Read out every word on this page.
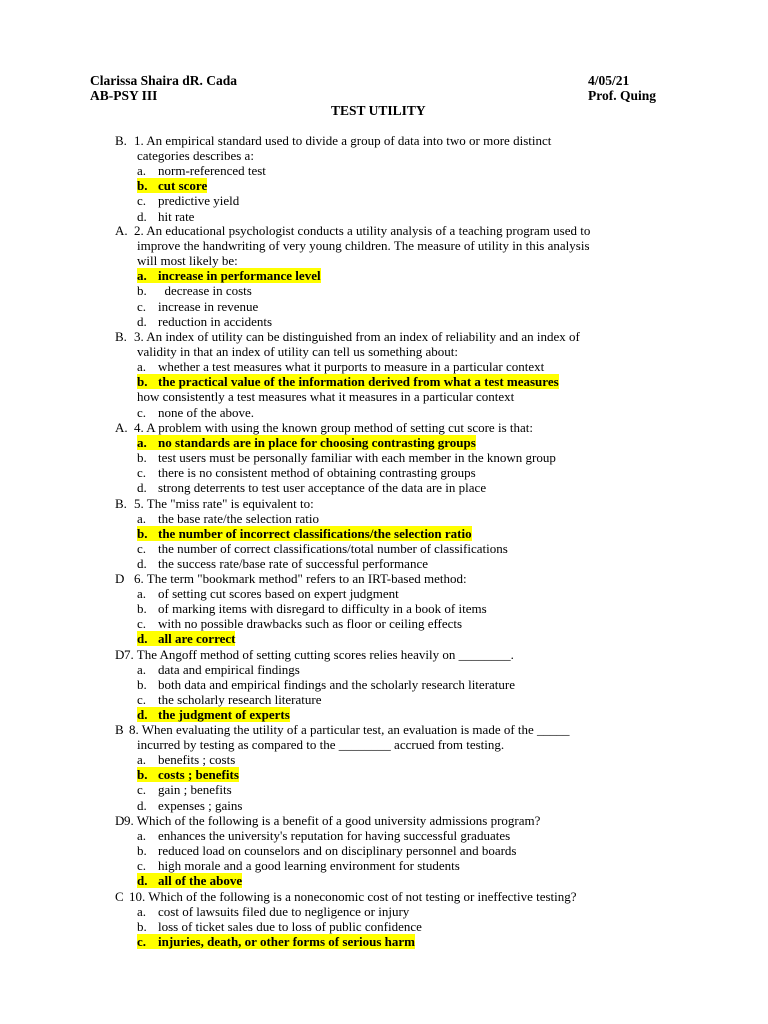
Clarissa Shaira dR. Cada
AB-PSY III
4/05/21
Prof. Quing
TEST UTILITY
B. 1. An empirical standard used to divide a group of data into two or more distinct
categories describes a:
a. norm-referenced test
b. cut score
c. predictive yield
d. hit rate
A. 2. An educational psychologist conducts a utility analysis of a teaching program used to
improve the handwriting of very young children. The measure of utility in this analysis
will most likely be:
a. increase in performance level
b.  decrease in costs
c. increase in revenue
d. reduction in accidents
B. 3. An index of utility can be distinguished from an index of reliability and an index of
validity in that an index of utility can tell us something about:
a. whether a test measures what it purports to measure in a particular context
b. the practical value of the information derived from what a test measures
how consistently a test measures what it measures in a particular context
c. none of the above.
A. 4. A problem with using the known group method of setting cut score is that:
a. no standards are in place for choosing contrasting groups
b. test users must be personally familiar with each member in the known group
c. there is no consistent method of obtaining contrasting groups
d. strong deterrents to test user acceptance of the data are in place
B. 5. The "miss rate" is equivalent to:
a. the base rate/the selection ratio
b. the number of incorrect classifications/the selection ratio
c. the number of correct classifications/total number of classifications
d. the success rate/base rate of successful performance
D 6. The term "bookmark method" refers to an IRT-based method:
a. of setting cut scores based on expert judgment
b. of marking items with disregard to difficulty in a book of items
c. with no possible drawbacks such as floor or ceiling effects
d. all are correct
D 7. The Angoff method of setting cutting scores relies heavily on ________.
a. data and empirical findings
b. both data and empirical findings and the scholarly research literature
c. the scholarly research literature
d. the judgment of experts
B 8. When evaluating the utility of a particular test, an evaluation is made of the _____
incurred by testing as compared to the ________ accrued from testing.
a. benefits ; costs
b. costs ; benefits
c. gain ; benefits
d. expenses ; gains
D 9. Which of the following is a benefit of a good university admissions program?
a. enhances the university's reputation for having successful graduates
b. reduced load on counselors and on disciplinary personnel and boards
c. high morale and a good learning environment for students
d. all of the above
C 10. Which of the following is a noneconomic cost of not testing or ineffective testing?
a. cost of lawsuits filed due to negligence or injury
b. loss of ticket sales due to loss of public confidence
c. injuries, death, or other forms of serious harm
